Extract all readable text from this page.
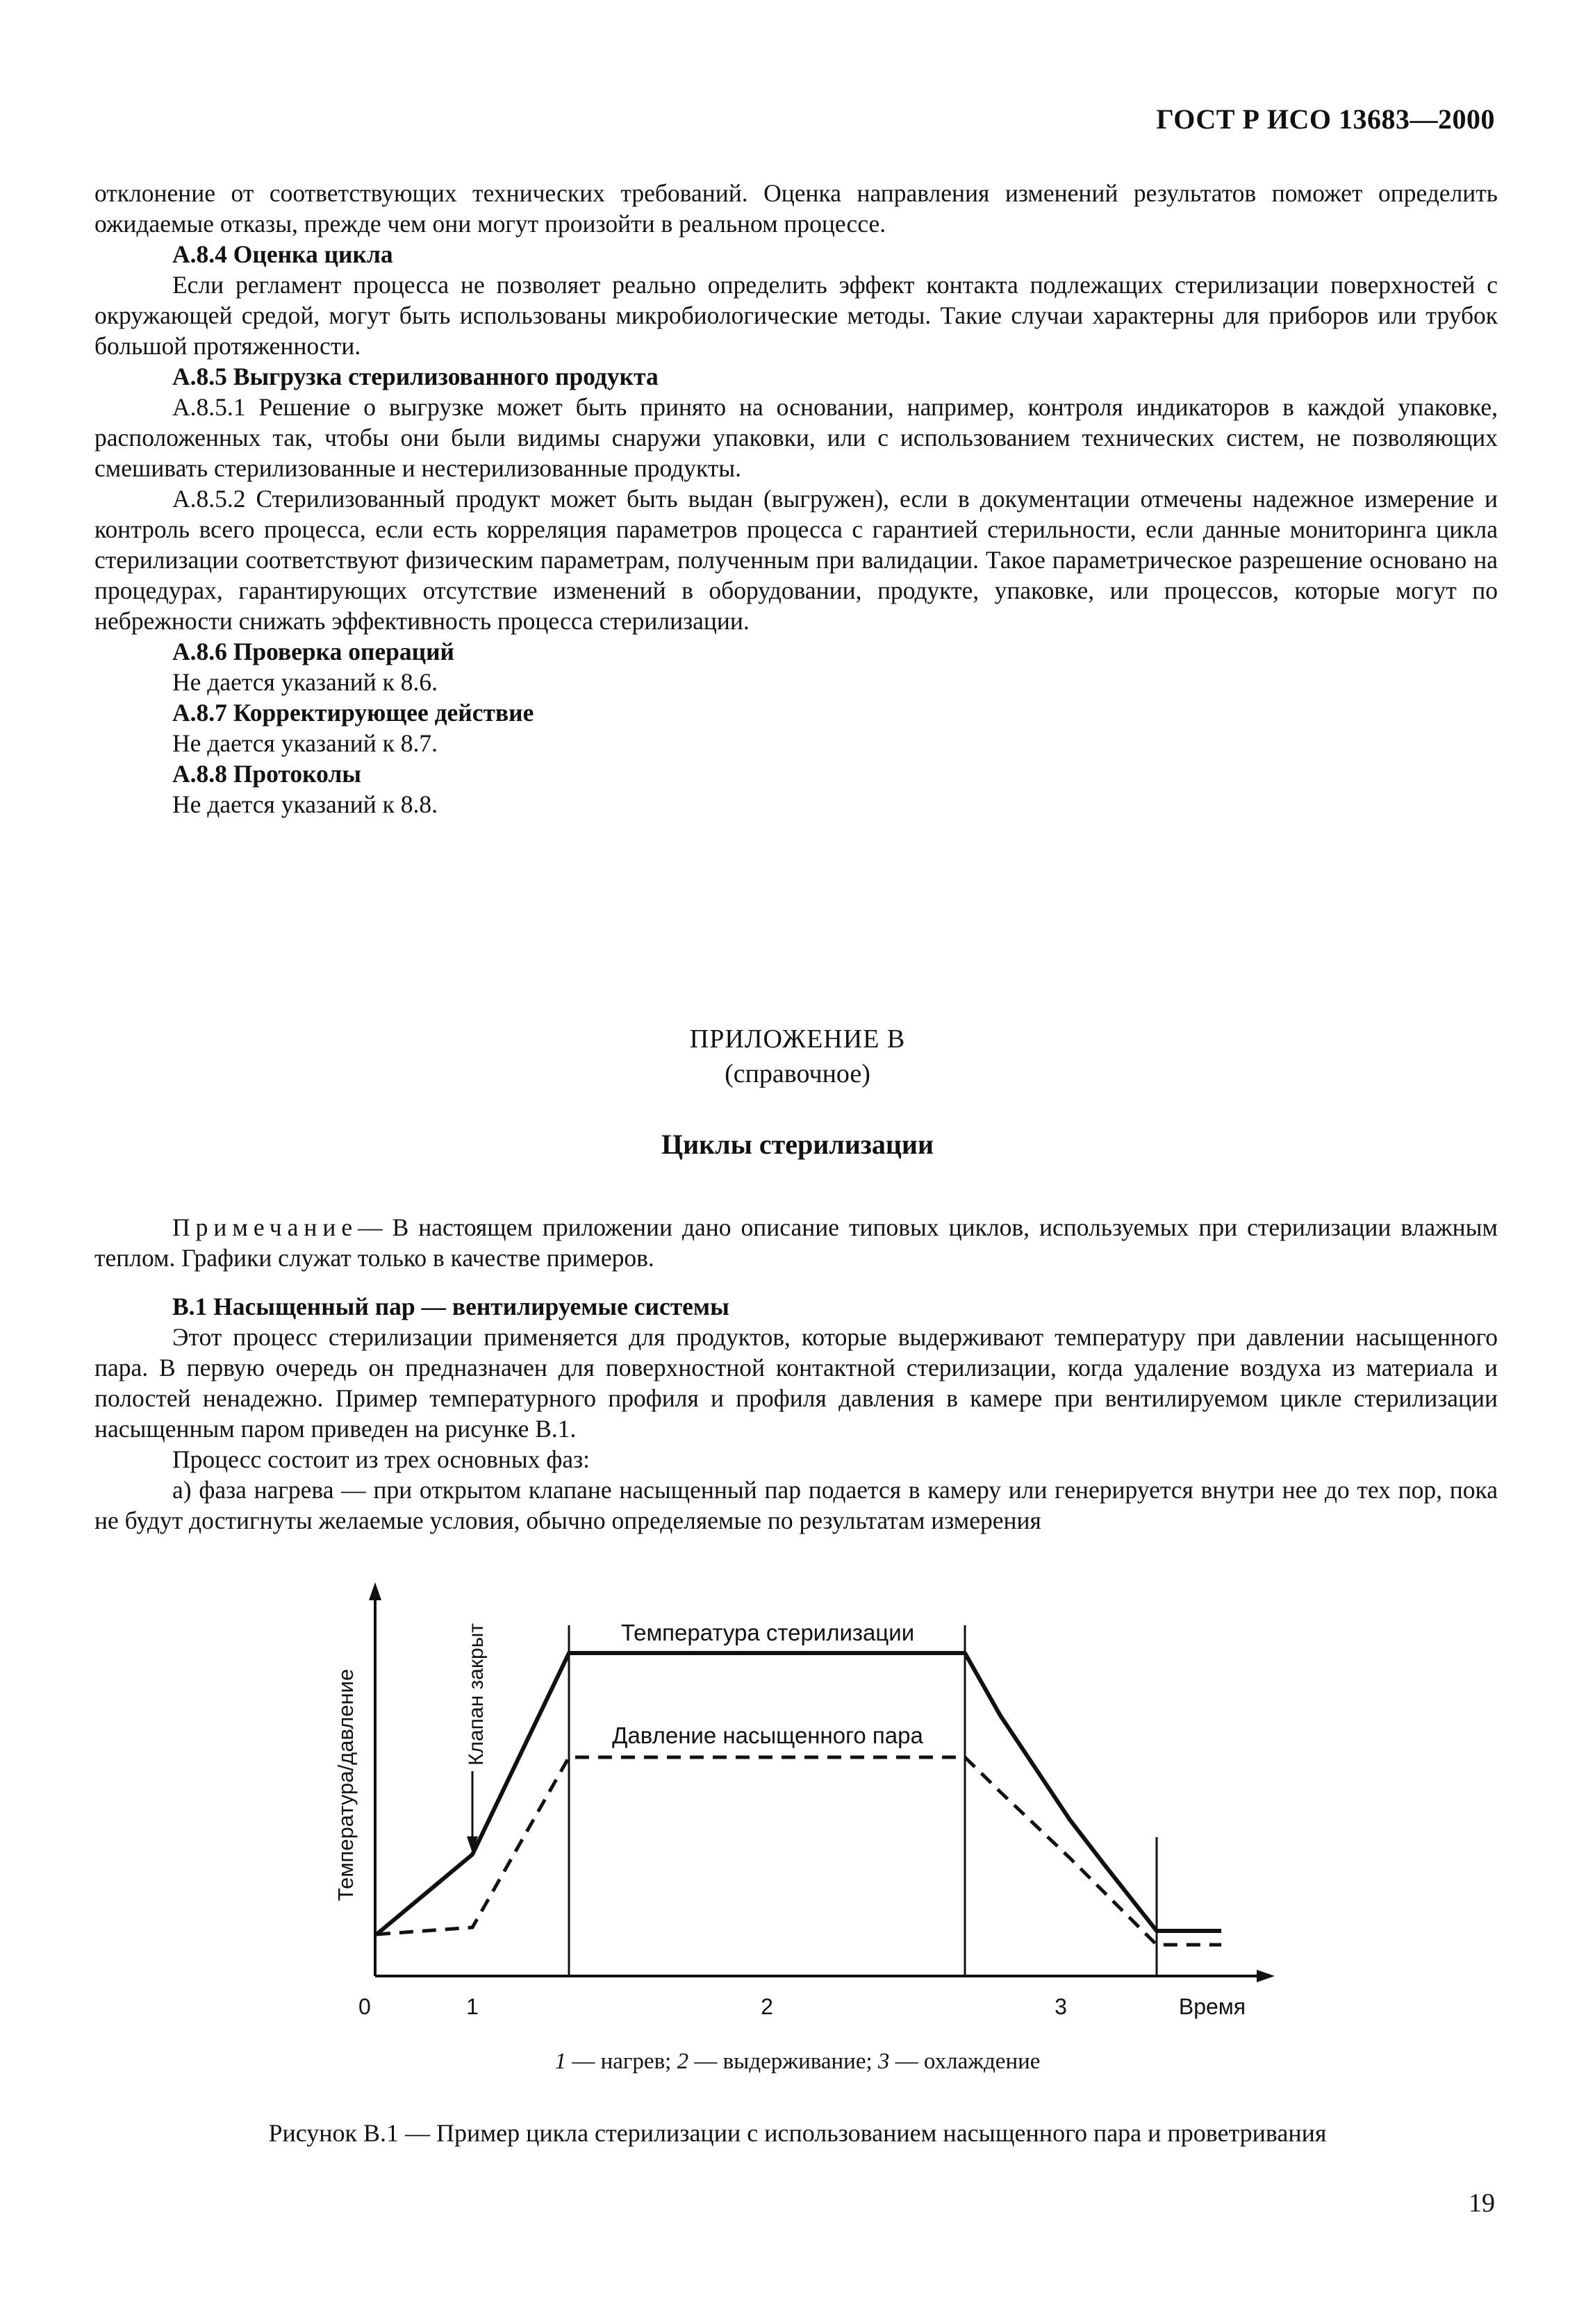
ГОСТ Р ИСО 13683—2000

отклонение от соответствующих технических требований. Оценка направления изменений результатов поможет определить ожидаемые отказы, прежде чем они могут произойти в реальном процессе.

А.8.4 Оценка цикла

Если регламент процесса не позволяет реально определить эффект контакта подлежащих стерилизации поверхностей с окружающей средой, могут быть использованы микробиологические методы. Такие случаи характерны для приборов или трубок большой протяженности.

А.8.5 Выгрузка стерилизованного продукта

А.8.5.1 Решение о выгрузке может быть принято на основании, например, контроля индикаторов в каждой упаковке, расположенных так, чтобы они были видимы снаружи упаковки, или с использованием технических систем, не позволяющих смешивать стерилизованные и нестерилизованные продукты.

А.8.5.2 Стерилизованный продукт может быть выдан (выгружен), если в документации отмечены надежное измерение и контроль всего процесса, если есть корреляция параметров процесса с гарантией стерильности, если данные мониторинга цикла стерилизации соответствуют физическим параметрам, полученным при валидации. Такое параметрическое разрешение основано на процедурах, гарантирующих отсутствие изменений в оборудовании, продукте, упаковке, или процессов, которые могут по небрежности снижать эффективность процесса стерилизации.

А.8.6 Проверка операций

Не дается указаний к 8.6.

А.8.7 Корректирующее действие

Не дается указаний к 8.7.

А.8.8 Протоколы

Не дается указаний к 8.8.

ПРИЛОЖЕНИЕ В
(справочное)
Циклы стерилизации

Примечание— В настоящем приложении дано описание типовых циклов, используемых при стерилизации влажным теплом. Графики служат только в качестве примеров.

В.1 Насыщенный пар — вентилируемые системы

Этот процесс стерилизации применяется для продуктов, которые выдерживают температуру при давлении насыщенного пара. В первую очередь он предназначен для поверхностной контактной стерилизации, когда удаление воздуха из материала и полостей ненадежно. Пример температурного профиля и профиля давления в камере при вентилируемом цикле стерилизации насыщенным паром приведен на рисунке В.1.

Процесс состоит из трех основных фаз:

а) фаза нагрева — при открытом клапане насыщенный пар подается в камеру или генерируется внутри нее до тех пор, пока не будут достигнуты желаемые условия, обычно определяемые по результатам измерения

Клапан закрыт	Температура стерилизации
Давление насыщенного пара
Температура/давление
0	1	2	3	Время
1 — нагрев; 2 — выдерживание; 3 — охлаждение
Рисунок В.1 — Пример цикла стерилизации с использованием насыщенного пара и проветривания
19
